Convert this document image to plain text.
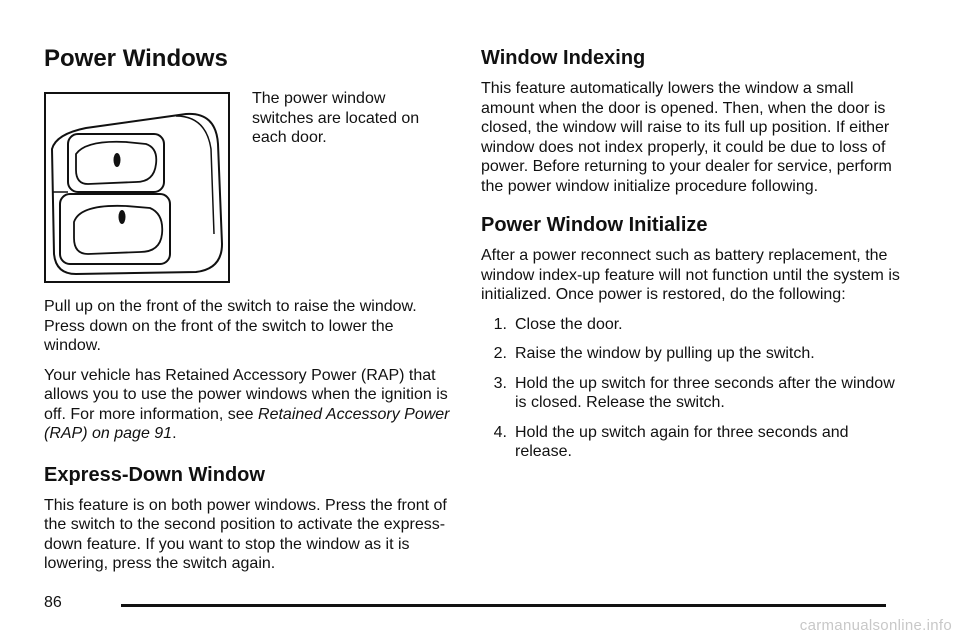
Power Windows

The power window switches are located on each door.

Pull up on the front of the switch to raise the window. Press down on the front of the switch to lower the window.

Your vehicle has Retained Accessory Power (RAP) that allows you to use the power windows when the ignition is off. For more information, see Retained Accessory Power (RAP) on page 91.

Express-Down Window

This feature is on both power windows. Press the front of the switch to the second position to activate the express-down feature. If you want to stop the window as it is lowering, press the switch again.

Window Indexing

This feature automatically lowers the window a small amount when the door is opened. Then, when the door is closed, the window will raise to its full up position. If either window does not index properly, it could be due to loss of power. Before returning to your dealer for service, perform the power window initialize procedure following.

Power Window Initialize

After a power reconnect such as battery replacement, the window index-up feature will not function until the system is initialized. Once power is restored, do the following:

1. Close the door.
2. Raise the window by pulling up the switch.
3. Hold the up switch for three seconds after the window is closed. Release the switch.
4. Hold the up switch again for three seconds and release.
86
carmanualsonline.info
